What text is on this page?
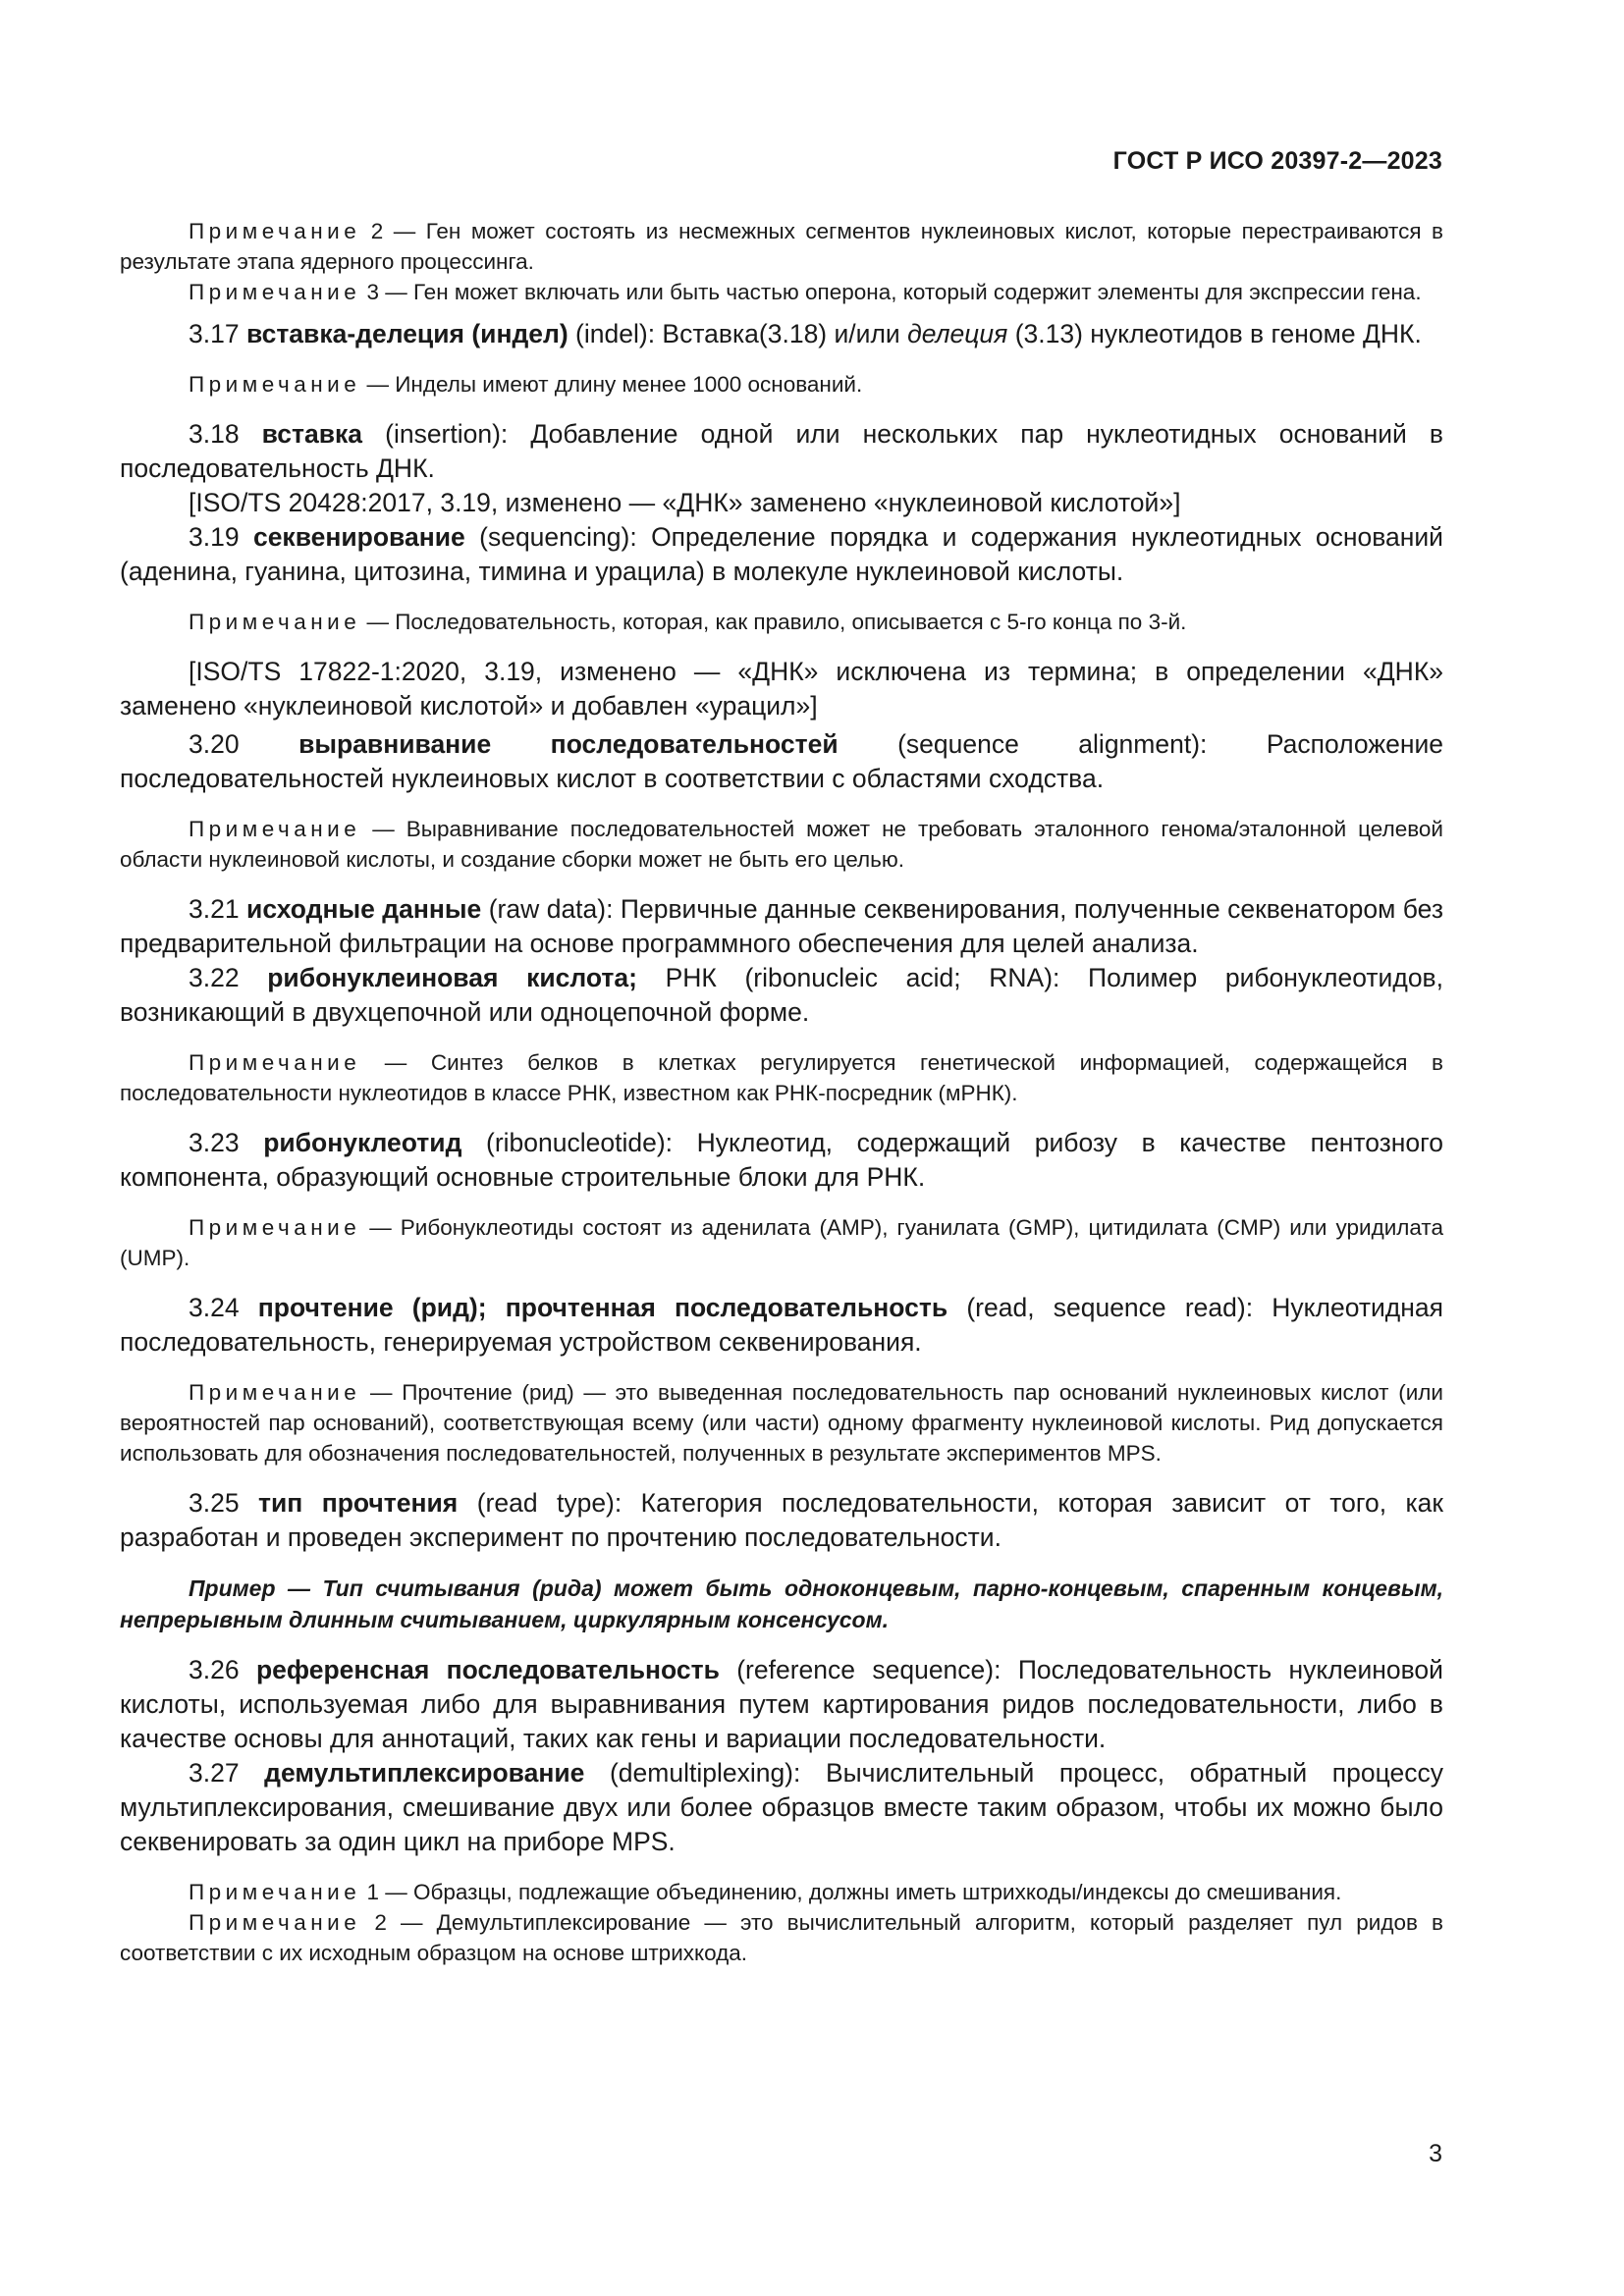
ГОСТ Р ИСО 20397-2—2023

Примечание 2 — Ген может состоять из несмежных сегментов нуклеиновых кислот, которые перестраиваются в результате этапа ядерного процессинга.

Примечание 3 — Ген может включать или быть частью оперона, который содержит элементы для экспрессии гена.

3.17 вставка-делеция (индел) (indel): Вставка(3.18) и/или делеция (3.13) нуклеотидов в геноме ДНК.

Примечание — Инделы имеют длину менее 1000 оснований.

3.18 вставка (insertion): Добавление одной или нескольких пар нуклеотидных оснований в последовательность ДНК.

[ISO/TS 20428:2017, 3.19, изменено — «ДНК» заменено «нуклеиновой кислотой»]

3.19 секвенирование (sequencing): Определение порядка и содержания нуклеотидных оснований (аденина, гуанина, цитозина, тимина и урацила) в молекуле нуклеиновой кислоты.

Примечание — Последовательность, которая, как правило, описывается с 5-го конца по 3-й.

[ISO/TS 17822-1:2020, 3.19, изменено — «ДНК» исключена из термина; в определении «ДНК» заменено «нуклеиновой кислотой» и добавлен «урацил»]

3.20 выравнивание последовательностей (sequence alignment): Расположение последовательностей нуклеиновых кислот в соответствии с областями сходства.

Примечание — Выравнивание последовательностей может не требовать эталонного генома/эталонной целевой области нуклеиновой кислоты, и создание сборки может не быть его целью.

3.21 исходные данные (raw data): Первичные данные секвенирования, полученные секвенатором без предварительной фильтрации на основе программного обеспечения для целей анализа.

3.22 рибонуклеиновая кислота; РНК (ribonucleic acid; RNA): Полимер рибонуклеотидов, возникающий в двухцепочной или одноцепочной форме.

Примечание — Синтез белков в клетках регулируется генетической информацией, содержащейся в последовательности нуклеотидов в классе РНК, известном как РНК-посредник (мРНК).

3.23 рибонуклеотид (ribonucleotide): Нуклеотид, содержащий рибозу в качестве пентозного компонента, образующий основные строительные блоки для РНК.

Примечание — Рибонуклеотиды состоят из аденилата (AMP), гуанилата (GMP), цитидилата (CMP) или уридилата (UMP).

3.24 прочтение (рид); прочтенная последовательность (read, sequence read): Нуклеотидная последовательность, генерируемая устройством секвенирования.

Примечание — Прочтение (рид) — это выведенная последовательность пар оснований нуклеиновых кислот (или вероятностей пар оснований), соответствующая всему (или части) одному фрагменту нуклеиновой кислоты. Рид допускается использовать для обозначения последовательностей, полученных в результате экспериментов MPS.

3.25 тип прочтения (read type): Категория последовательности, которая зависит от того, как разработан и проведен эксперимент по прочтению последовательности.

Пример — Тип считывания (рида) может быть одноконцевым, парно-концевым, спаренным концевым, непрерывным длинным считыванием, циркулярным консенсусом.

3.26 референсная последовательность (reference sequence): Последовательность нуклеиновой кислоты, используемая либо для выравнивания путем картирования ридов последовательности, либо в качестве основы для аннотаций, таких как гены и вариации последовательности.

3.27 демультиплексирование (demultiplexing): Вычислительный процесс, обратный процессу мультиплексирования, смешивание двух или более образцов вместе таким образом, чтобы их можно было секвенировать за один цикл на приборе MPS.

Примечание 1 — Образцы, подлежащие объединению, должны иметь штрихкоды/индексы до смешивания.

Примечание 2 — Демультиплексирование — это вычислительный алгоритм, который разделяет пул ридов в соответствии с их исходным образцом на основе штрихкода.

3
